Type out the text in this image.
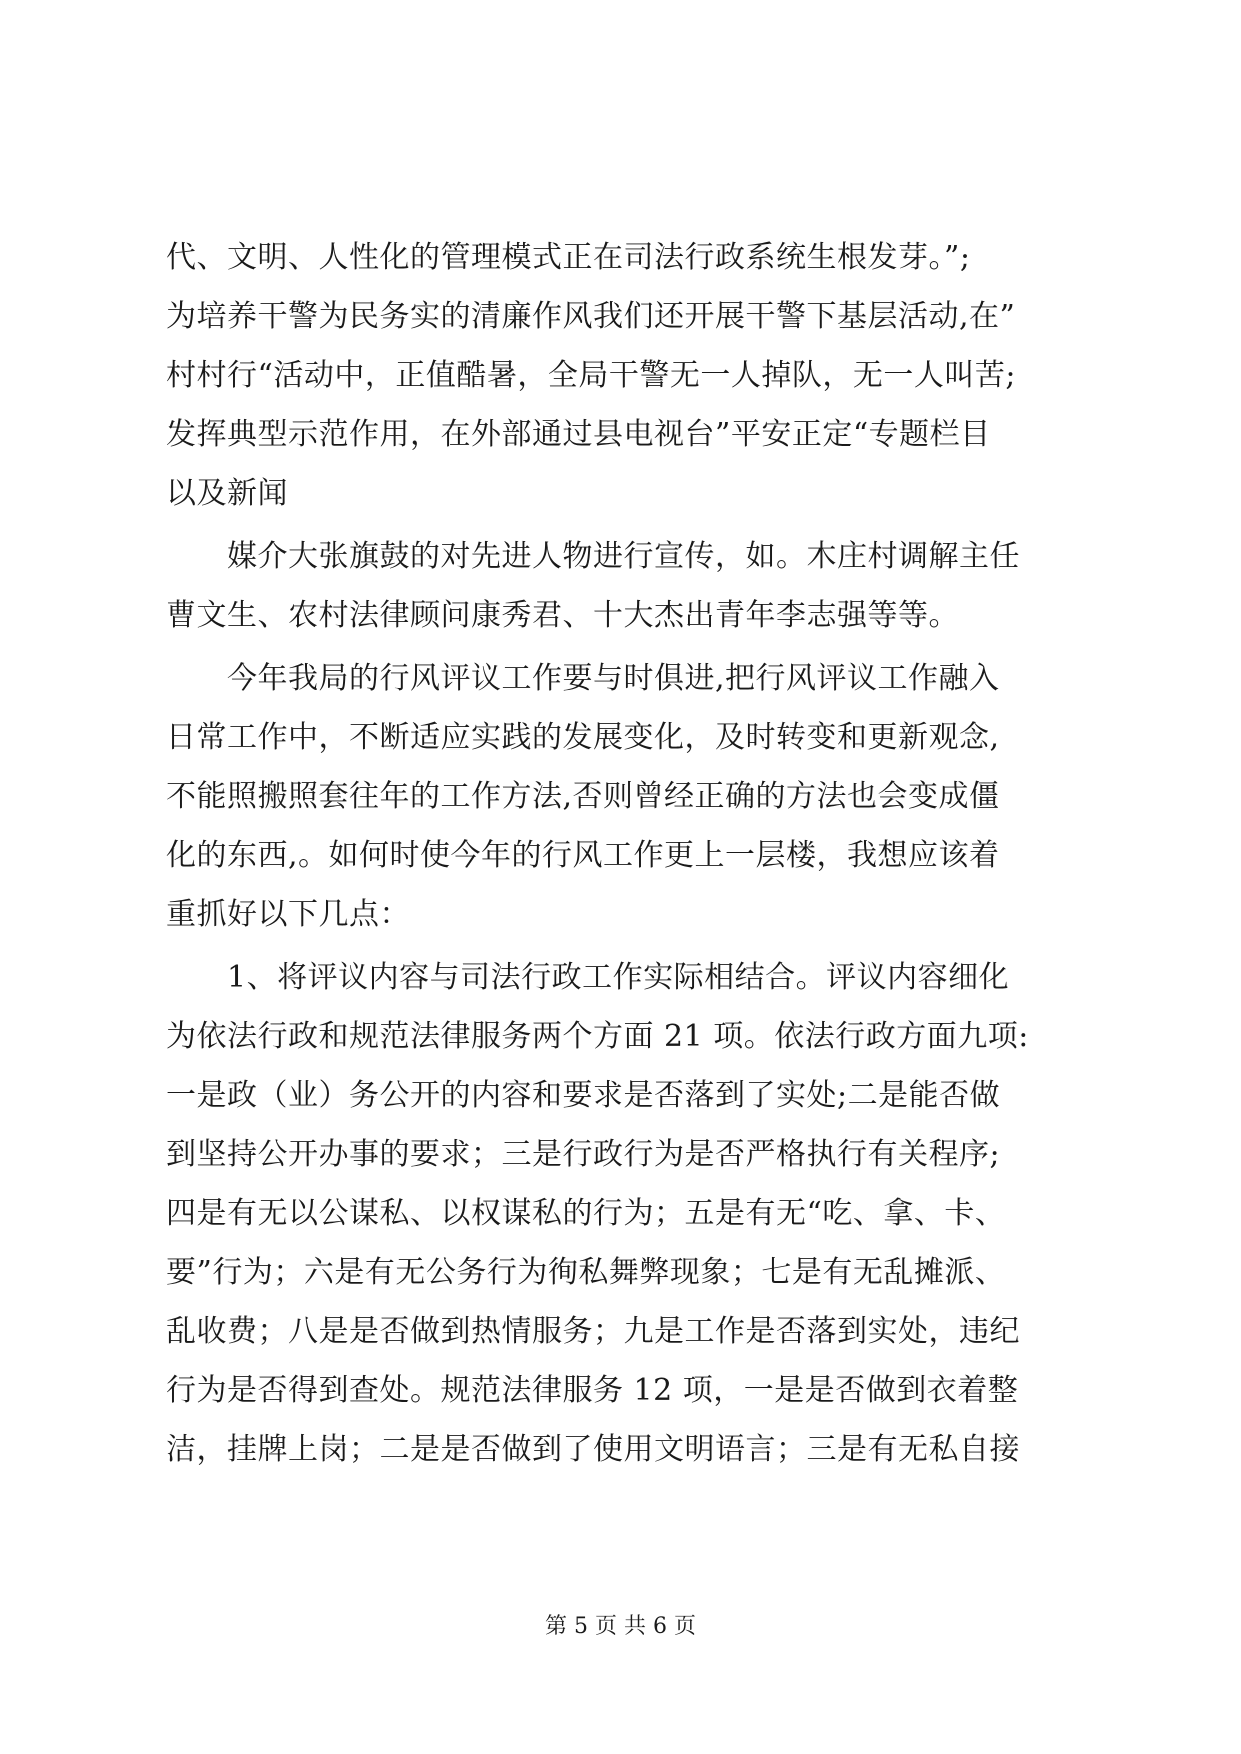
代、文明、人性化的管理模式正在司法行政系统生根发芽。”;
为培养干警为民务实的清廉作风我们还开展干警下基层活动,在”
村村行“活动中，正值酷暑，全局干警无一人掉队，无一人叫苦;
发挥典型示范作用，在外部通过县电视台”平安正定“专题栏目
以及新闻
媒介大张旗鼓的对先进人物进行宣传，如。木庄村调解主任
曹文生、农村法律顾问康秀君、十大杰出青年李志强等等。
今年我局的行风评议工作要与时俱进,把行风评议工作融入
日常工作中，不断适应实践的发展变化，及时转变和更新观念,
不能照搬照套往年的工作方法,否则曾经正确的方法也会变成僵
化的东西,。如何时使今年的行风工作更上一层楼，我想应该着
重抓好以下几点：
1、将评议内容与司法行政工作实际相结合。评议内容细化
为依法行政和规范法律服务两个方面 21 项。依法行政方面九项:
一是政（业）务公开的内容和要求是否落到了实处;二是能否做
到坚持公开办事的要求；三是行政行为是否严格执行有关程序;
四是有无以公谋私、以权谋私的行为；五是有无“吃、拿、卡、
要”行为；六是有无公务行为徇私舞弊现象；七是有无乱摊派、
乱收费；八是是否做到热情服务；九是工作是否落到实处，违纪
行为是否得到查处。规范法律服务 12 项，一是是否做到衣着整
洁，挂牌上岗；二是是否做到了使用文明语言；三是有无私自接
第 5 页 共 6 页
